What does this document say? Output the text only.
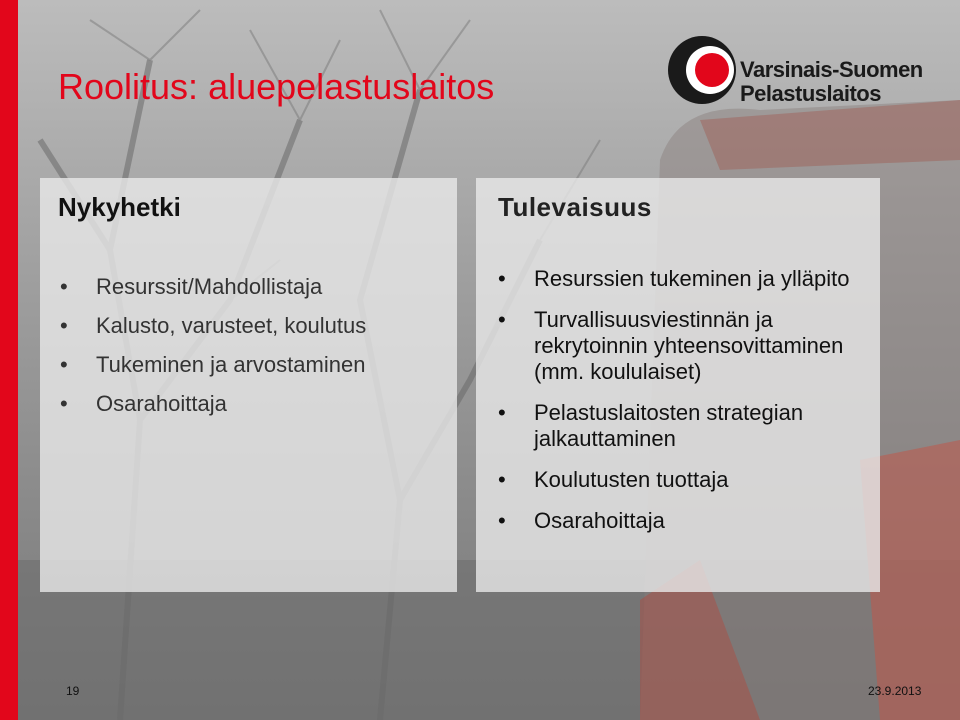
Roolitus: aluepelastuslaitos	Varsinais-Suomen
Pelastuslaitos
Nykyhetki
• Resurssit/Mahdollistaja
• Kalusto, varusteet, koulutus
• Tukeminen ja arvostaminen
• Osarahoittaja
Tulevaisuus
• Resurssien tukeminen ja ylläpito
• Turvallisuusviestinnän ja rekrytoinnin yhteensovittaminen (mm. koululaiset)
• Pelastuslaitosten strategian jalkauttaminen
• Koulutusten tuottaja
• Osarahoittaja
19	23.9.2013
